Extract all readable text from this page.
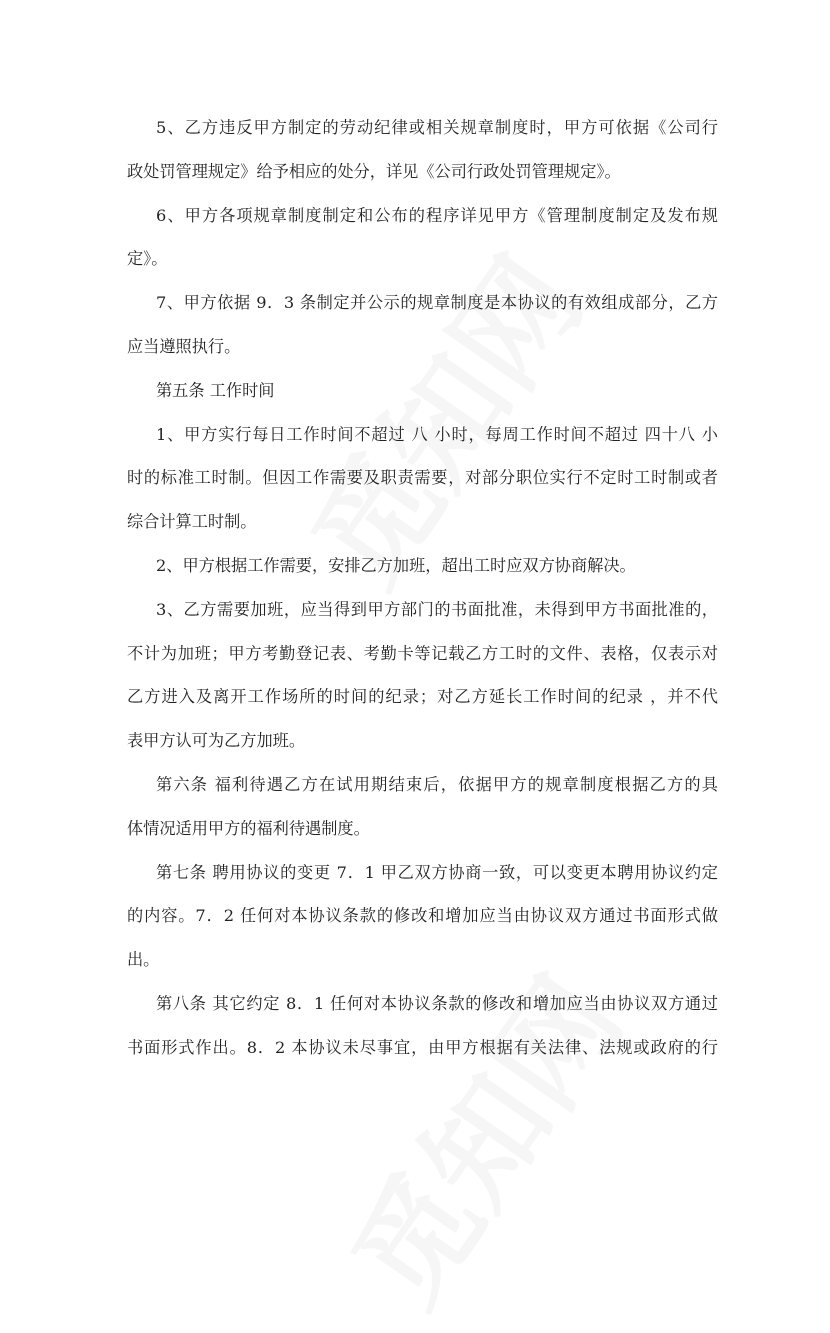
5、乙方违反甲方制定的劳动纪律或相关规章制度时，甲方可依据《公司行
政处罚管理规定》给予相应的处分，详见《公司行政处罚管理规定》。
6、甲方各项规章制度制定和公布的程序详见甲方《管理制度制定及发布规
定》。
7、甲方依据 9．3 条制定并公示的规章制度是本协议的有效组成部分，乙方
应当遵照执行。
第五条 工作时间
1、甲方实行每日工作时间不超过 八 小时，每周工作时间不超过 四十八 小
时的标准工时制。但因工作需要及职责需要，对部分职位实行不定时工时制或者
综合计算工时制。
2、甲方根据工作需要，安排乙方加班，超出工时应双方协商解决。
3、乙方需要加班，应当得到甲方部门的书面批准，未得到甲方书面批准的，
不计为加班；甲方考勤登记表、考勤卡等记载乙方工时的文件、表格，仅表示对
乙方进入及离开工作场所的时间的纪录；对乙方延长工作时间的纪录 ，并不代
表甲方认可为乙方加班。
第六条 福利待遇乙方在试用期结束后，依据甲方的规章制度根据乙方的具
体情况适用甲方的福利待遇制度。
第七条 聘用协议的变更 7．1 甲乙双方协商一致，可以变更本聘用协议约定
的内容。7．2 任何对本协议条款的修改和增加应当由协议双方通过书面形式做
出。
第八条 其它约定 8．1 任何对本协议条款的修改和增加应当由协议双方通过
书面形式作出。8．2 本协议未尽事宜，由甲方根据有关法律、法规或政府的行
